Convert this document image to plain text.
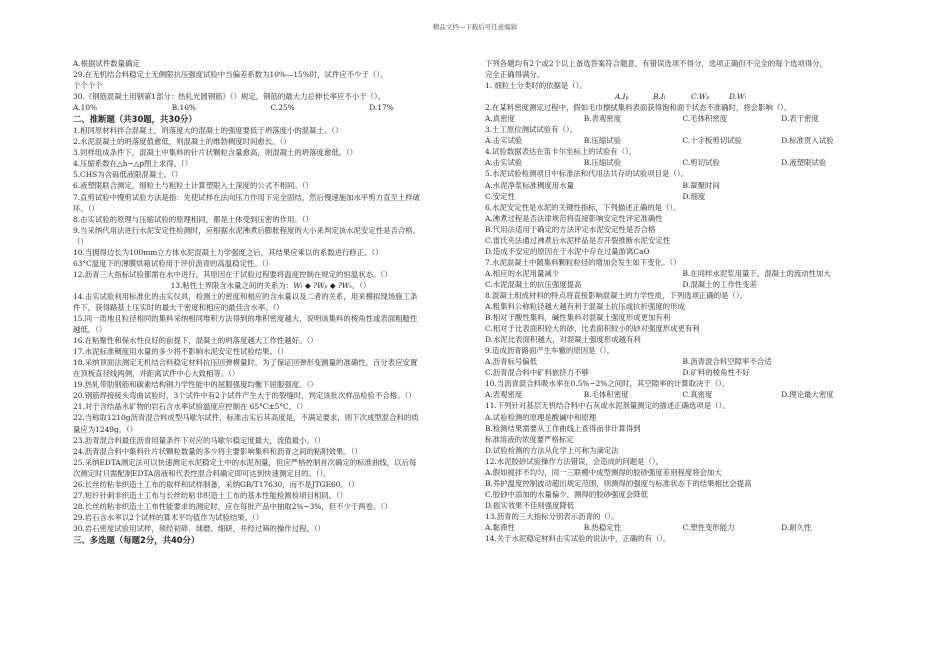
精品文档---下载后可任意编辑
A.根据试件数量确定
29.在无机结合料稳定土无侧限抗压强度试验中当偏差系数为10%—15%时，试件应不少于（）。
个个个个
30.《钢筋混凝土用钢第1部分：热轧光圆钢筋》（）规定，钢筋的最大力总伸长率应不小于（）。
A.10%	B.16%	C.25%	D.17%
二、推断题（共30题，共30分）
1.相同原材料拌合混凝土，坍落度大的混凝土的强度要低于坍落度小的混凝土。（）
2.水泥混凝土的坍落度值愈低，则混凝土的维勃稠度时间愈长。（）
3.同样组成条件下，混凝土中集料的针片状颗粒含量愈高，则混凝土的坍落度愈低。（）
4.压缩系数在△h~△p图上求得。（）
5.CHS为含砾低液限混凝土。（）
6.液塑限联合测定，细粒土与粗粒土计算塑限入土深度的公式不相同。（）
7.直剪试验中慢剪试验方法是指：先使试样在法向压力作用下完全固结，然后慢速施加水平剪力直至土样破
坏。（）
8.击实试验的原理与压缩试验的原理相同，都是土体受到压密的作用。（）
9.当采纳代用法进行水泥安定性检测时，应根据水泥沸煮后膨胀程度的大小来判定该水泥安定性是否合格。
（）
10.当拥得边长为100mm立方体水泥混凝土力学强度之后，其结果应乘以的系数进行修正。（）
63°C温度下的薄膜烘箱试验用于评价沥青的高温稳定性。（）
12.沥青三大指标试验都需在水中进行，其原因在于试验过程要将温度控制在规定的恒温状态。（）
13.粘性土界限含水量之间的关系为：Wₗ ◆ ?Wₚ ◆ ?Wₛ。（）
14.击实试验利用标准化的击实仪具，检测土的密度和相应的含水量以及二者的关系，用来模拟现场施工条
件下，获得路基土压实时的最大干密度和相应的最佳含水率。（）
15.同一质地且粒径相同的集料采纳相同堆积方法得到的堆积密度越大，说明该集料的棱角性或表面粗糙性
越低。（）
16.在粘聚性和保水性良好的前提下，混凝土的坍落度越大工作性越好。（）
17.水泥标准稠度用水量的多少将不影响水泥安定性试验结果。（）
18.采纳顶面法测定无机结合料稳定材料抗压回弹模量时，为了保证回弹形变测量的准确性，百分表应安置
在顶板直径线两侧，并距离试件中心大致相等。（）
19.热轧带肋钢筋和碳素结构钢力学性能中的屈服强度均衡下屈服强度。（）
20.钢筋焊接接头弯曲试验时，3个试件中有2个试件产生大于的裂缝时，判定该批次样品检验不合格。（）
21.对于含结晶水矿物的岩石含水率试验温度应控制在 65°C±5°C。（）
22.当称取1210g沥青混合料成型马歇尔试件，标准击实后其高度是，不满足要求，则下次成型混合料的质
量应为1249g。（）
23.沥青混合料最佳沥青用量条件下对应的马歇尔稳定度最大，流值最小。（）
24.沥青混合料中集料针片状颗粒数量的多少将主要影响集料和沥青之间的粘附效果。（）
25.采纳EDTA测定法可以快速测定水泥稳定土中的水泥剂量，但应严格控制首次确定的标准曲线，以后每
次测定时只需配制EDTA溶液和代表性混合料确定即可达到快速测定目的。（）。
26.长丝纺粘非织造土工布的取样和试样制备，采纳GB/T17630，而不是JTGE60。（）
27.短纤针刺非织造土工布与长丝纺粘非织造土工布的基本性能检测检项目相同。（）
28.长丝纺粘非织造土工布性能要求的测定时，应在每批产品中抽取2%~3%，但不少于两卷。（）
29.岩石含水率以2个试样的算术平均值作为试验结果。（）
30.岩石密度试验用试样，须经初碎、球磨、细研，并经过筛的操作过程。（）
三、多选题（每题2分，共40分）
下列各题均有2个或2个以上备选答案符合题意，有错误选项不得分，选项正确但不完全的每个选项得分，
完全正确得满分。
1. 细粒土分类时的依据是（）。
A.Iₚ	B.Iₗ	C.Wₚ	D.Wₗ
2.在某料密度测定过程中，假如毛巾擦拭集料表面获得饱和面干状态不准确时，将会影响（）。
A.真密度	B.表观密度	C.毛体积密度	D.表干密度
3.土工原位测试试验有（）。
A.击实试验	B.压缩试验	C.十字板剪切试验	D.标准贯入试验
4.试验数据表达在笛卡尔坐标上的试验有（）。
A.击实试验	B.压缩试验	C.剪切试验	D.液塑限试验
5.水泥试验检测项目中标准法和代用法共存的试验项目是（）。
A.水泥净浆标准稠度用水量	B.凝聚时间
C.安定性	D.细度
6.水泥安定性是水泥的关键性指标，下列描述正确的是（）。
A.沸煮过程是否法律规范将直接影响安定性评定准确性
B.代用法适用于确定的方法评定水泥安定性是否合格
C.雷氏夹法通过沸煮后水泥样品是否开裂推断水泥安定性
D.造成不安定的原因在于水泥中存在过量游离CaO
7.水泥混凝土中随集料颗粒粒径的增加会发生如下变化。（）
A.相应的水泥用量减少	B.在同样水泥浆用量下，混凝土的流动性加大
C.水泥混凝土的抗压强度提高	D.混凝土的工作性变差
8.混凝土组成材料的特点将直接影响混凝土的力学性质，下列选项正确的是（）。
A.粗集料公称粒径越大越有利于混凝土抗压或抗折强度的形成
B.相对于酸性集料，碱性集料对混凝土强度形成更加有利
C.相对于比表面积较大的砂，比表面积较小的砂对强度形成更有利
D.水泥比表面积越大，对混凝土强度形成越有利
9.造成沥青路面产生车辙的原因是（）。
A.沥青标号偏低	B.沥青混合料空隙率不合适
C.沥青混合料中矿料嵌挤力不够	D.矿料的棱角性不好
10.当沥青混合料吸水率在0.5%~2%之间时，其空隙率的计算取决于（）。
A.表观密度	B.毛体积密度	C.真密度	D.理论最大密度
11.下列针对基层无机结合料中石灰或水泥剂量测定的描述正确选项是（）。
A.试验检测的原理是酸碱中和原理
B.检测结果需要从工作曲线上查得而非计算得到
标准溶液的浓度要严格标定
D.试验检测的方法从化学上可称为滴定法
12.水泥胶砂试验操作方法错误，会造成的问题是（）。
A.假如搅拌不均匀，同一三联模中成型测得的胶砂强度差别程度将会加大
B.养护温度控制波动超出规定范围，则测得的强度与标准状态下的结果相比会提高
C.胶砂中添加的水量偏少，测得的胶砂强度会降低
D.振实效果不佳则强度降低
13.沥青的三大指标分别表示沥青的（）。
A.黏滞性	B.热稳定性	C.塑性变形能力	D.耐久性
14.关于水泥稳定材料击实试验的说法中，正确的有（）。
